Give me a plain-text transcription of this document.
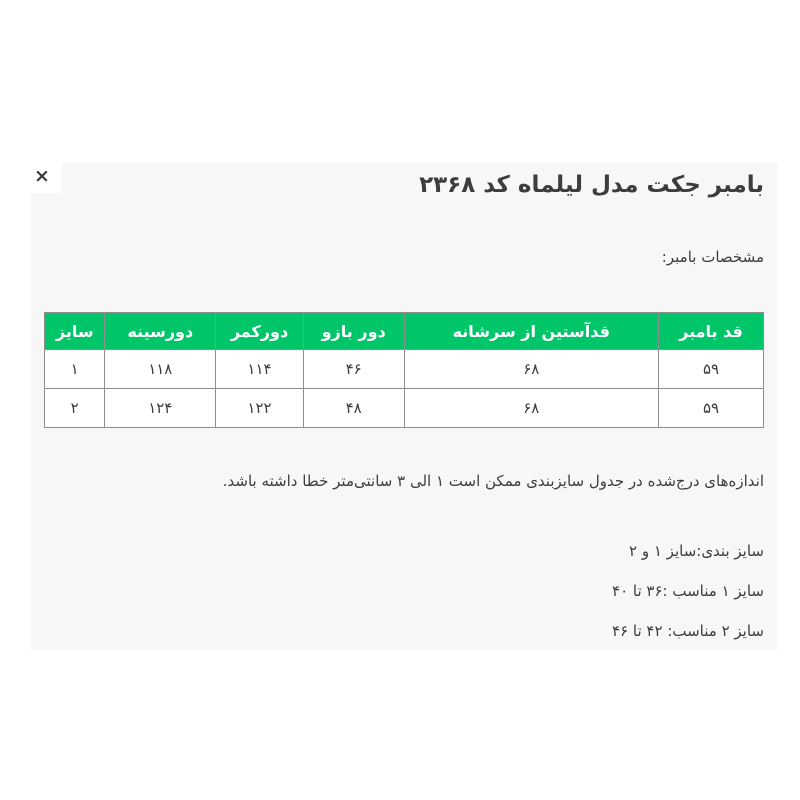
×	بامبر جکت مدل لیلماه کد ۲۳۶۸
مشخصات بامبر:
قد بامبر	قدآستین از سرشانه	دور بازو	دورکمر	دورسینه	سایز
۵۹	۶۸	۴۶	۱۱۴	۱۱۸	۱
۵۹	۶۸	۴۸	۱۲۲	۱۲۴	۲

اندازه‌های درج‌شده در جدول سایزبندی ممکن است ۱ الی ۳ سانتی‌متر خطا داشته باشد.

سایز بندی:سایز ۱ و ۲

سایز ۱ مناسب :۳۶ تا ۴۰

سایز ۲ مناسب: ۴۲ تا ۴۶
